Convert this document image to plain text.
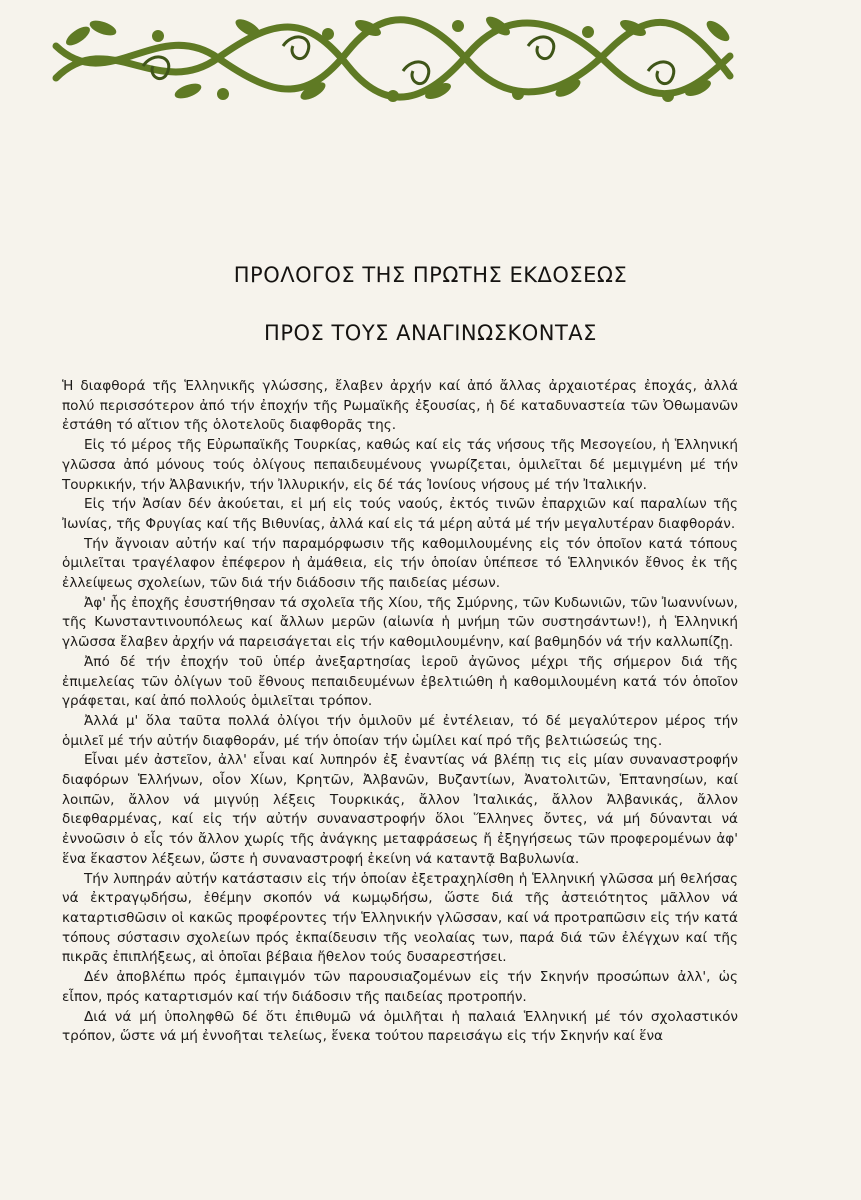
ΠΡΟΛΟΓΟΣ ΤΗΣ ΠΡΩΤΗΣ ΕΚΔΟΣΕΩΣ
ΠΡΟΣ ΤΟΥΣ ΑΝΑΓΙΝΩΣΚΟΝΤΑΣ

Ἡ διαφθορά τῆς Ἑλληνικῆς γλώσσης, ἔλαβεν ἀρχήν καί ἀπό ἄλλας ἀρχαιοτέρας ἐποχάς, ἀλλά πολύ περισσότερον ἀπό τήν ἐποχήν τῆς Ρωμαϊκῆς ἐξουσίας, ἡ δέ καταδυναστεία τῶν Ὀθωμανῶν ἐστάθη τό αἴτιον τῆς ὁλοτελοῦς διαφθορᾶς της.

Εἰς τό μέρος τῆς Εὐρωπαϊκῆς Τουρκίας, καθώς καί εἰς τάς νήσους τῆς Μεσογείου, ἡ Ἑλληνική γλῶσσα ἀπό μόνους τούς ὀλίγους πεπαιδευμένους γνωρίζεται, ὁμιλεῖται δέ μεμιγμένη μέ τήν Τουρκικήν, τήν Ἀλβανικήν, τήν Ἰλλυρικήν, εἰς δέ τάς Ἰονίους νήσους μέ τήν Ἰταλικήν.

Εἰς τήν Ἀσίαν δέν ἀκούεται, εἰ μή εἰς τούς ναούς, ἐκτός τινῶν ἐπαρχιῶν καί παραλίων τῆς Ἰωνίας, τῆς Φρυγίας καί τῆς Βιθυνίας, ἀλλά καί εἰς τά μέρη αὐτά μέ τήν μεγαλυτέραν διαφθοράν.

Τήν ἄγνοιαν αὐτήν καί τήν παραμόρφωσιν τῆς καθομιλουμένης εἰς τόν ὁποῖον κατά τόπους ὁμιλεῖται τραγέλαφον ἐπέφερον ἡ ἀμάθεια, εἰς τήν ὁποίαν ὑπέπεσε τό Ἑλληνικόν ἔθνος ἐκ τῆς ἐλλείψεως σχολείων, τῶν διά τήν διάδοσιν τῆς παιδείας μέσων.

Ἀφ' ἧς ἐποχῆς ἐσυστήθησαν τά σχολεῖα τῆς Χίου, τῆς Σμύρνης, τῶν Κυδωνιῶν, τῶν Ἰωαννίνων, τῆς Κωνσταντινουπόλεως καί ἄλλων μερῶν (αἰωνία ἡ μνήμη τῶν συστησάντων!), ἡ Ἑλληνική γλῶσσα ἔλαβεν ἀρχήν νά παρεισάγεται εἰς τήν καθομιλουμένην, καί βαθμηδόν νά τήν καλλωπίζῃ.

Ἀπό δέ τήν ἐποχήν τοῦ ὑπέρ ἀνεξαρτησίας ἱεροῦ ἀγῶνος μέχρι τῆς σήμερον διά τῆς ἐπιμελείας τῶν ὀλίγων τοῦ ἔθνους πεπαιδευμένων ἐβελτιώθη ἡ καθομιλουμένη κατά τόν ὁποῖον γράφεται, καί ἀπό πολλούς ὁμιλεῖται τρόπον.

Ἀλλά μ' ὅλα ταῦτα πολλά ὀλίγοι τήν ὁμιλοῦν μέ ἐντέλειαν, τό δέ μεγαλύτερον μέρος τήν ὁμιλεῖ μέ τήν αὐτήν διαφθοράν, μέ τήν ὁποίαν τήν ὡμίλει καί πρό τῆς βελτιώσεώς της.

Εἶναι μέν ἀστεῖον, ἀλλ' εἶναι καί λυπηρόν ἐξ ἐναντίας νά βλέπῃ τις εἰς μίαν συναναστροφήν διαφόρων Ἑλλήνων, οἷον Χίων, Κρητῶν, Ἀλβανῶν, Βυζαντίων, Ἀνατολιτῶν, Ἑπτανησίων, καί λοιπῶν, ἄλλον νά μιγνύῃ λέξεις Τουρκικάς, ἄλλον Ἰταλικάς, ἄλλον Ἀλβανικάς, ἄλλον διεφθαρμένας, καί εἰς τήν αὐτήν συναναστροφήν ὅλοι Ἕλληνες ὄντες, νά μή δύνανται νά ἐννοῶσιν ὁ εἷς τόν ἄλλον χωρίς τῆς ἀνάγκης μεταφράσεως ἤ ἐξηγήσεως τῶν προφερομένων ἀφ' ἕνα ἕκαστον λέξεων, ὥστε ἡ συναναστροφή ἐκείνη νά καταντᾷ Βαβυλωνία.

Τήν λυπηράν αὐτήν κατάστασιν εἰς τήν ὁποίαν ἐξετραχηλίσθη ἡ Ἑλληνική γλῶσσα μή θελήσας νά ἐκτραγῳδήσω, ἐθέμην σκοπόν νά κωμῳδήσω, ὥστε διά τῆς ἀστειότητος μᾶλλον νά καταρτισθῶσιν οἱ κακῶς προφέροντες τήν Ἑλληνικήν γλῶσσαν, καί νά προτραπῶσιν εἰς τήν κατά τόπους σύστασιν σχολείων πρός ἐκπαίδευσιν τῆς νεολαίας των, παρά διά τῶν ἐλέγχων καί τῆς πικρᾶς ἐπιπλήξεως, αἱ ὁποῖαι βέβαια ἤθελον τούς δυσαρεστήσει.

Δέν ἀποβλέπω πρός ἐμπαιγμόν τῶν παρουσιαζομένων εἰς τήν Σκηνήν προσώπων ἀλλ', ὡς εἶπον, πρός καταρτισμόν καί τήν διάδοσιν τῆς παιδείας προτροπήν.

Διά νά μή ὑποληφθῶ δέ ὅτι ἐπιθυμῶ νά ὁμιλῆται ἡ παλαιά Ἑλληνική μέ τόν σχολαστικόν τρόπον, ὥστε νά μή ἐννοῆται τελείως, ἕνεκα τούτου παρεισάγω εἰς τήν Σκηνήν καί ἕνα
